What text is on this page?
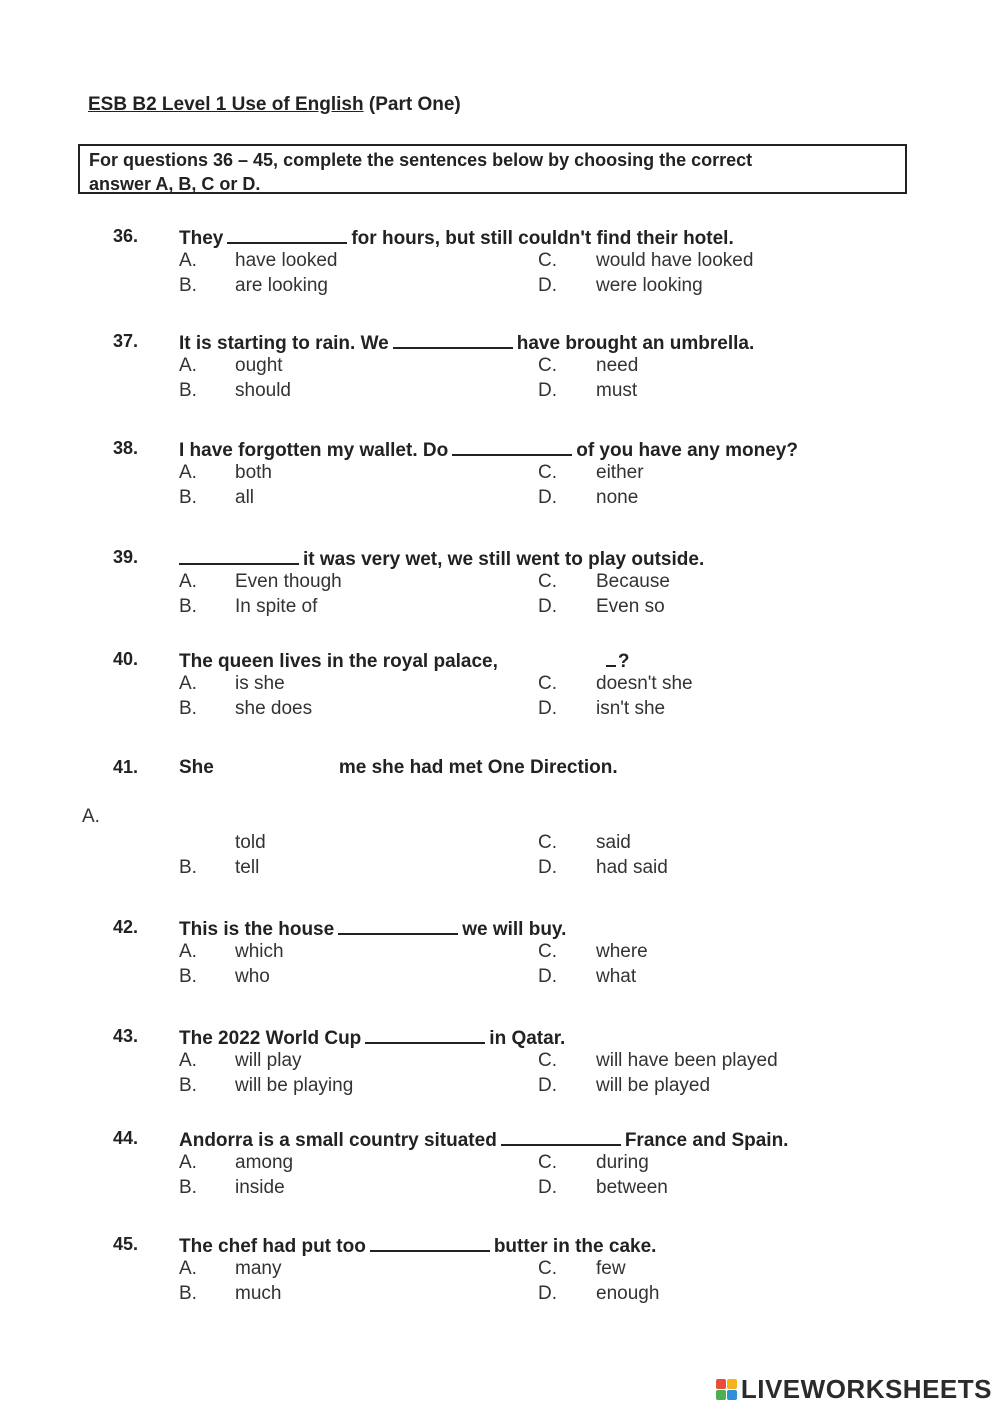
ESB B2 Level 1 Use of English (Part One)
For questions 36 – 45, complete the sentences below by choosing the correct
answer A, B, C or D.
36. They	for hours, but still couldn't find their hotel.
A. have looked
B. are looking
C. would have looked
D. were looking
37. It is starting to rain. We	have brought an umbrella.
A. ought
B. should
C. need
D. must
38. I have forgotten my wallet. Do	of you have any money?
A. both
B. all
C. either
D. none
39.	it was very wet, we still went to play outside.
A. Even though
B. In spite of
C. Because
D. Even so
40. The queen lives in the royal palace,	?
A. is she
B. she does
C. doesn't she
D. isn't she
41. She	me she had met One Direction.
A.
told
B. tell
C. said
D. had said
42. This is the house	we will buy.
A. which
B. who
C. where
D. what
43. The 2022 World Cup	in Qatar.
A. will play
B. will be playing
C. will have been played
D. will be played
44. Andorra is a small country situated	France and Spain.
A. among
B. inside
C. during
D. between
45. The chef had put too	butter in the cake.
A. many
B. much
C. few
D. enough
LIVEWORKSHEETS
